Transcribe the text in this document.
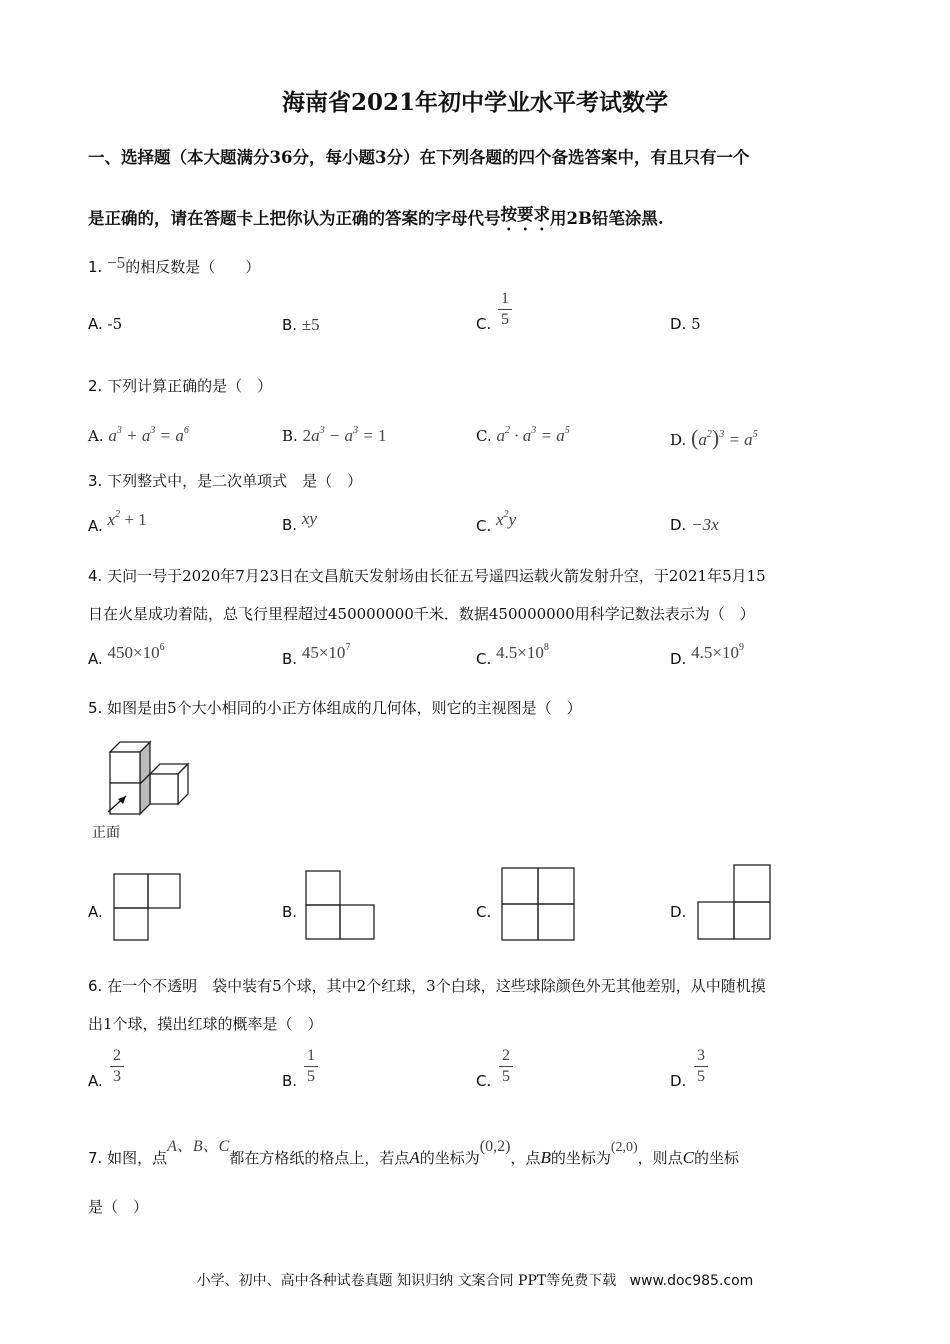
海南省2021年初中学业水平考试数学
一、选择题（本大题满分36分，每小题3分）在下列各题的四个备选答案中，有且只有一个
是正确的，请在答题卡上把你认为正确的答案的字母代号按要求用2B铅笔涂黑.
1. −5的相反数是（　　）
A. -5	B. ±5	C.
1
5	D. 5
2. 下列计算正确的是（　）
A. $a^3 + a^3 = a^6$	B. $2a^3 - a^3 = 1$	C. $a^2 \cdot a^3 = a^5$
D. $(a^2)^3 = a^5$
3. 下列整式中，是二次单项式　是（　）
A. $x^2 + 1$	B. xy	C. $x^2y$	D. −3x
4. 天问一号于2020年7月23日在文昌航天发射场由长征五号遥四运载火箭发射升空，于2021年5月15
日在火星成功着陆，总飞行里程超过450000000千米．数据450000000用科学记数法表示为（　）
A. $450\times 10^6$
B. $45\times 10^7$
C. $4.5\times 10^8$
D. $4.5\times 10^9$
5. 如图是由5个大小相同的小正方体组成的几何体，则它的主视图是（　）
正面
A.	B.	C.	D.
6. 在一个不透明　袋中装有5个球，其中2个红球，3个白球，这些球除颜色外无其他差别，从中随机摸
出1个球，摸出红球的概率是（　）
A.
2
3	B.
1
5	C.
2
5	D.
3
5
7. 如图，点A、B、C都在方格纸的格点上，若点A的坐标为(0,2)，点B的坐标为(2,0)，则点C的坐标
是（　）
小学、初中、高中各种试卷真题 知识归纳 文案合同 PPT等免费下载 www.doc985.com
